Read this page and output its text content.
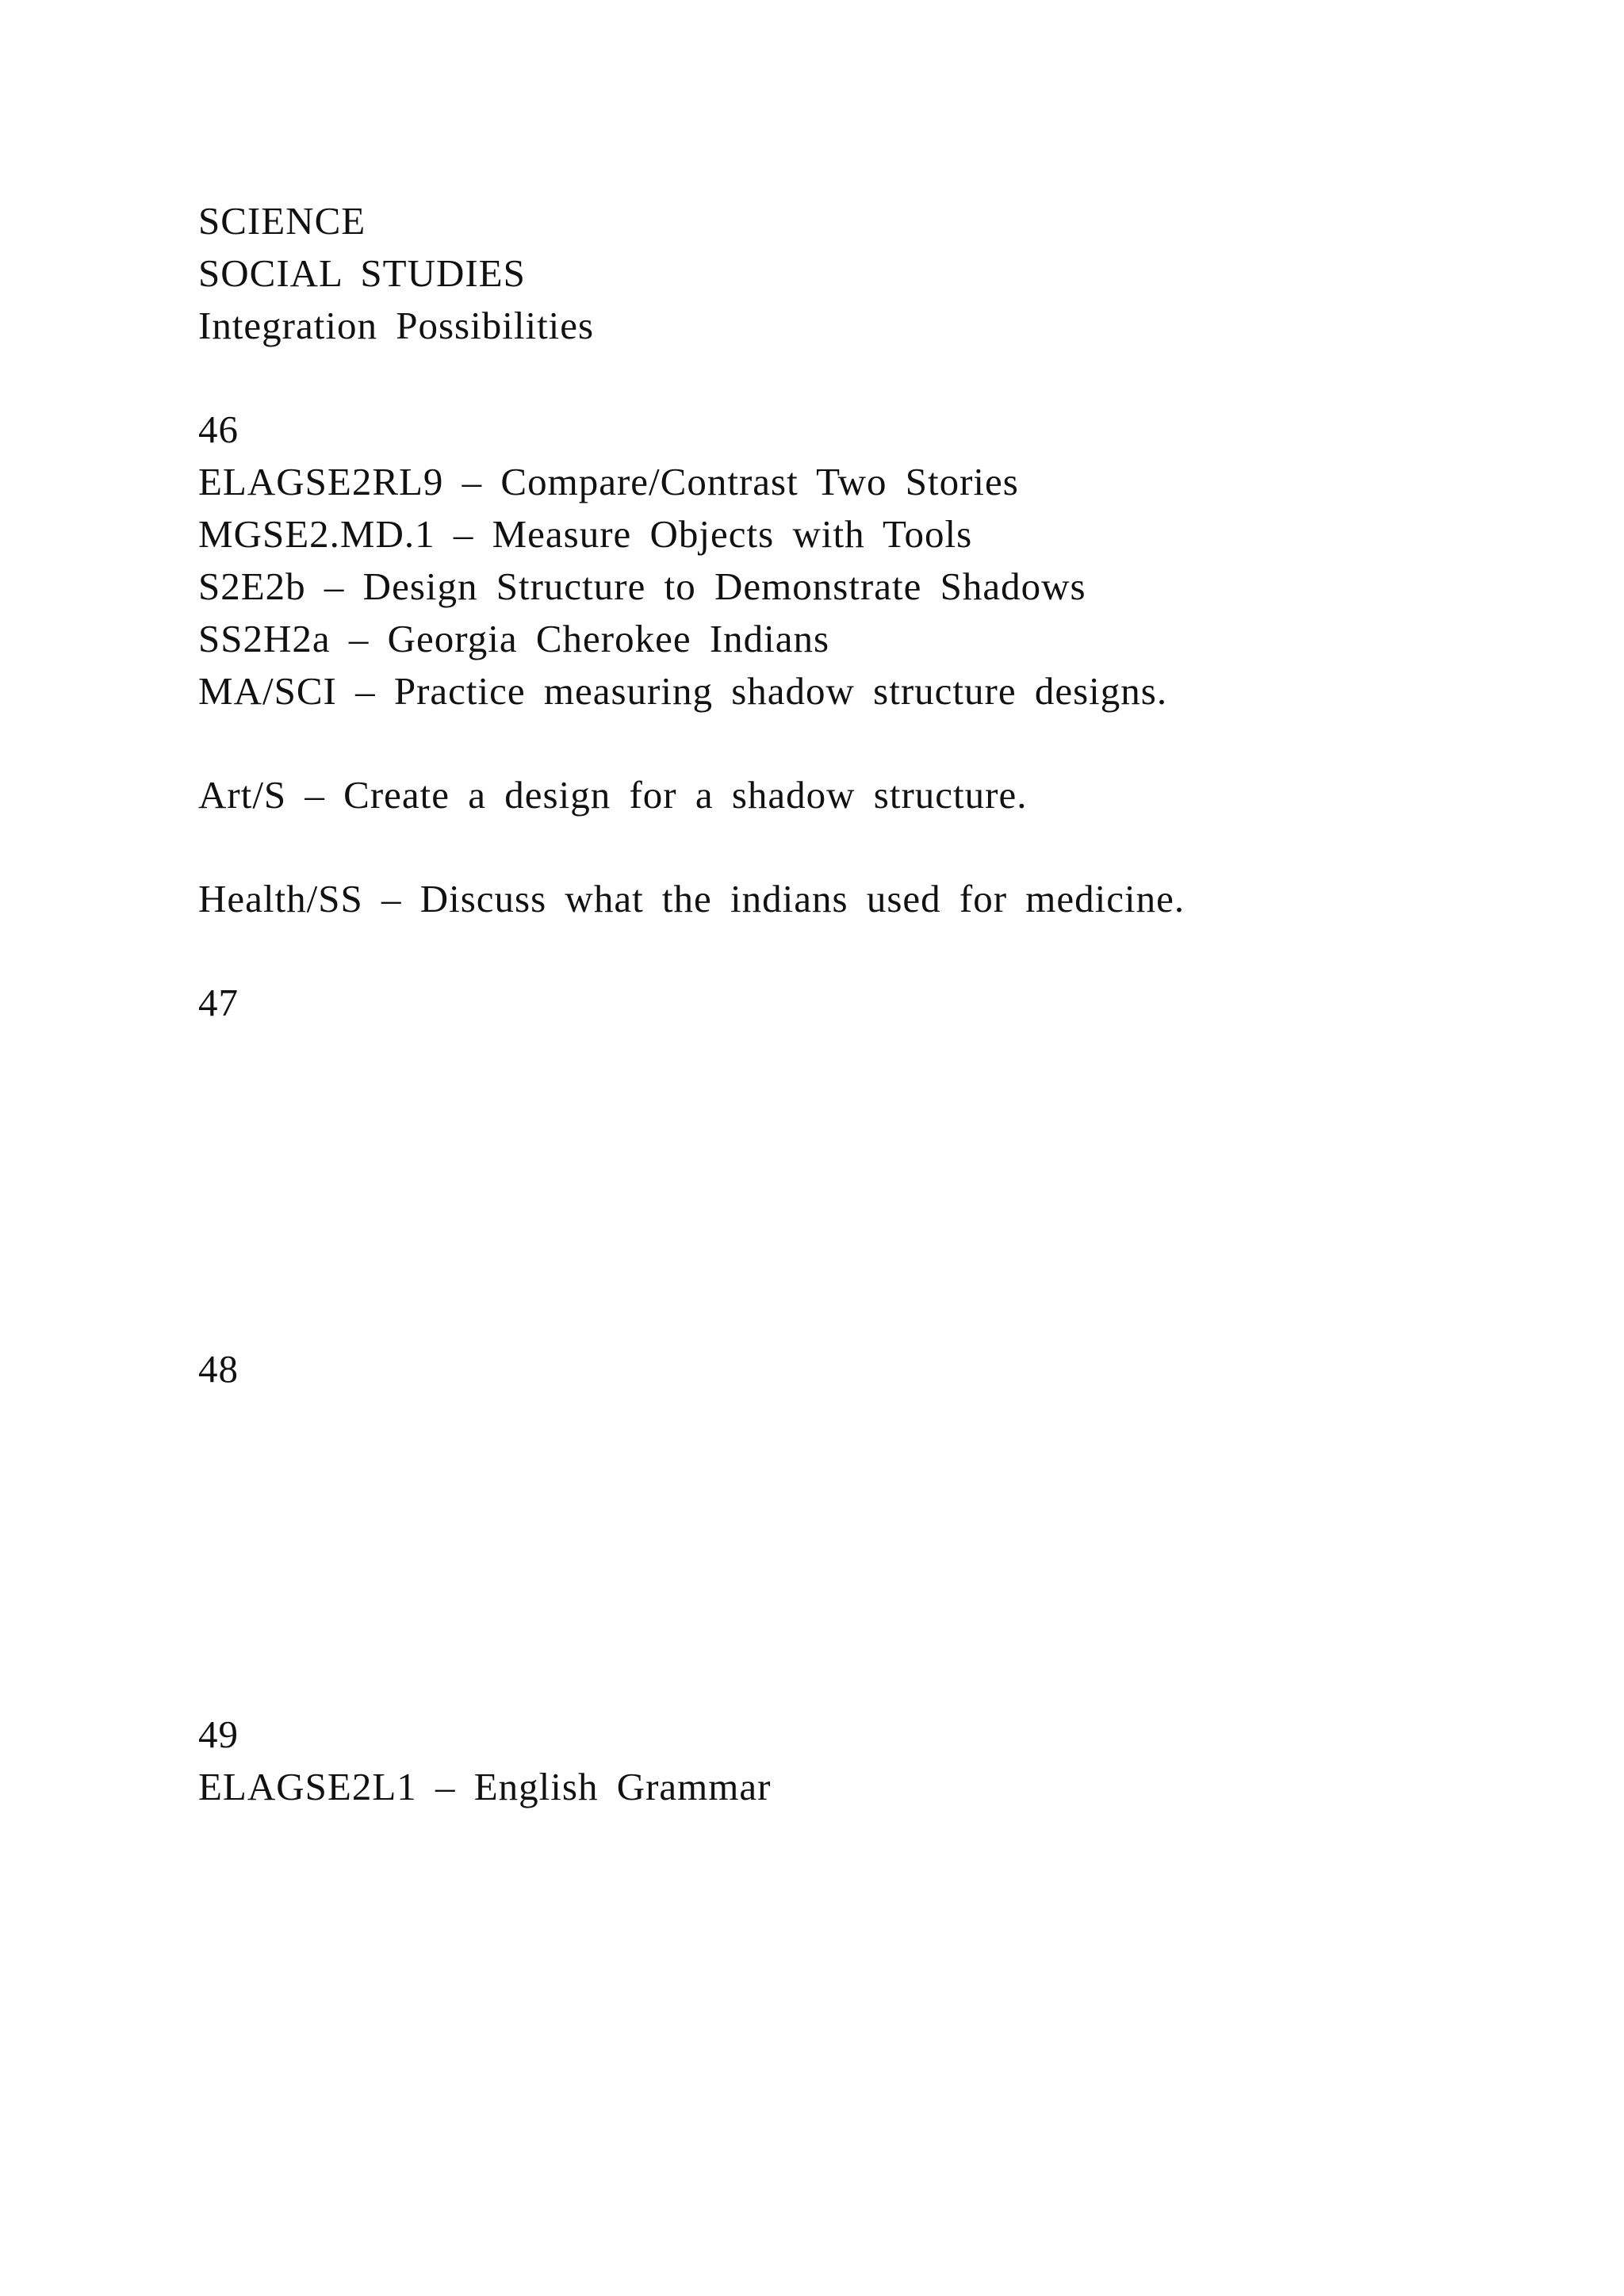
SCIENCE
SOCIAL STUDIES
Integration Possibilities
46
ELAGSE2RL9 – Compare/Contrast Two Stories
MGSE2.MD.1 – Measure Objects with Tools
S2E2b – Design Structure to Demonstrate Shadows
SS2H2a – Georgia Cherokee Indians
MA/SCI – Practice measuring shadow structure designs.
Art/S – Create a design for a shadow structure.
Health/SS – Discuss what the indians used for medicine.
47
48
49
ELAGSE2L1 – English Grammar
